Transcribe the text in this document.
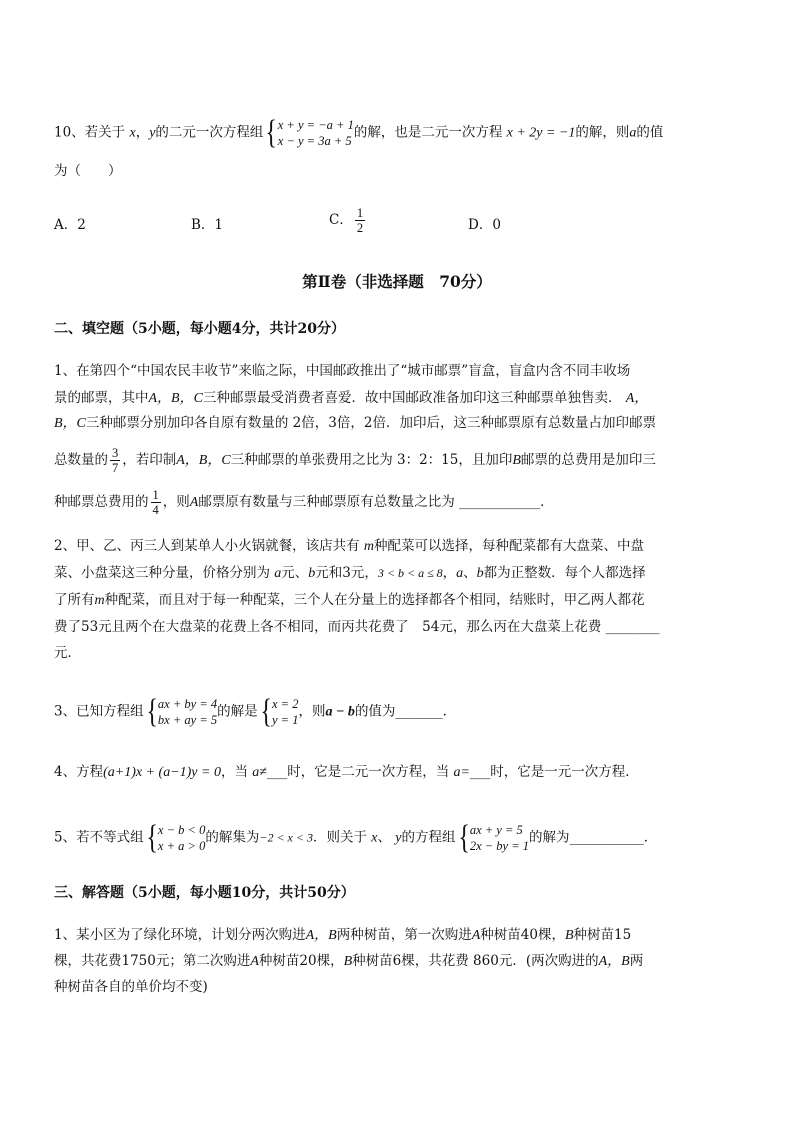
10、若关于 x，y的二元一次方程组 { x + y = −a + 1
x − y = 3a + 5
的解，也是二元一次方程 x + 2y = −1的解，则a的值
为（　　）
A．2	B．1	C． $\frac{1}{2}$	D．0
第Ⅱ卷（非选择题　70分）
二、填空题（5小题，每小题4分，共计20分）
1、在第四个“中国农民丰收节”来临之际，中国邮政推出了“城市邮票”盲盒，盲盒内含不同丰收场
景的邮票，其中A，B，C三种邮票最受消费者喜爱．故中国邮政准备加印这三种邮票单独售卖． A，
B，C三种邮票分别加印各自原有数量的 2倍，3倍，2倍．加印后，这三种邮票原有总数量占加印邮票
总数量的 $\frac{3}{7}$ ，若印制A，B，C三种邮票的单张费用之比为 3：2：15，且加印B邮票的总费用是加印三
种邮票总费用的 $\frac{1}{4}$ ，则A邮票原有数量与三种邮票原有总数量之比为 ____________．
2、甲、乙、丙三人到某单人小火锅就餐，该店共有 m种配菜可以选择，每种配菜都有大盘菜、中盘
菜、小盘菜这三种分量，价格分别为 a元、b元和3元，3 < b < a ≤ 8，a、b都为正整数．每个人都选择
了所有m种配菜，而且对于每一种配菜，三个人在分量上的选择都各个相同，结账时，甲乙两人都花
费了53元且两个在大盘菜的花费上各不相同，而丙共花费了　54元，那么丙在大盘菜上花费 ________
元．
3、已知方程组 { ax + by = 4
bx + ay = 5
的解是 { x = 2
y = 1
，则a − b的值为_______．
4、方程(a+1)x + (a−1)y = 0，当 a≠___时，它是二元一次方程，当 a=___时，它是一元一次方程．
5、若不等式组 { x − b < 0
x + a > 0
的解集为−2 < x < 3．则关于 x、 y的方程组 { ax + y = 5
2x − by = 1
的解为___________．
三、解答题（5小题，每小题10分，共计50分）
1、某小区为了绿化环境，计划分两次购进A，B两种树苗，第一次购进A种树苗40棵，B种树苗15
棵，共花费1750元；第二次购进A种树苗20棵，B种树苗6棵，共花费 860元．(两次购进的A，B两
种树苗各自的单价均不变)
